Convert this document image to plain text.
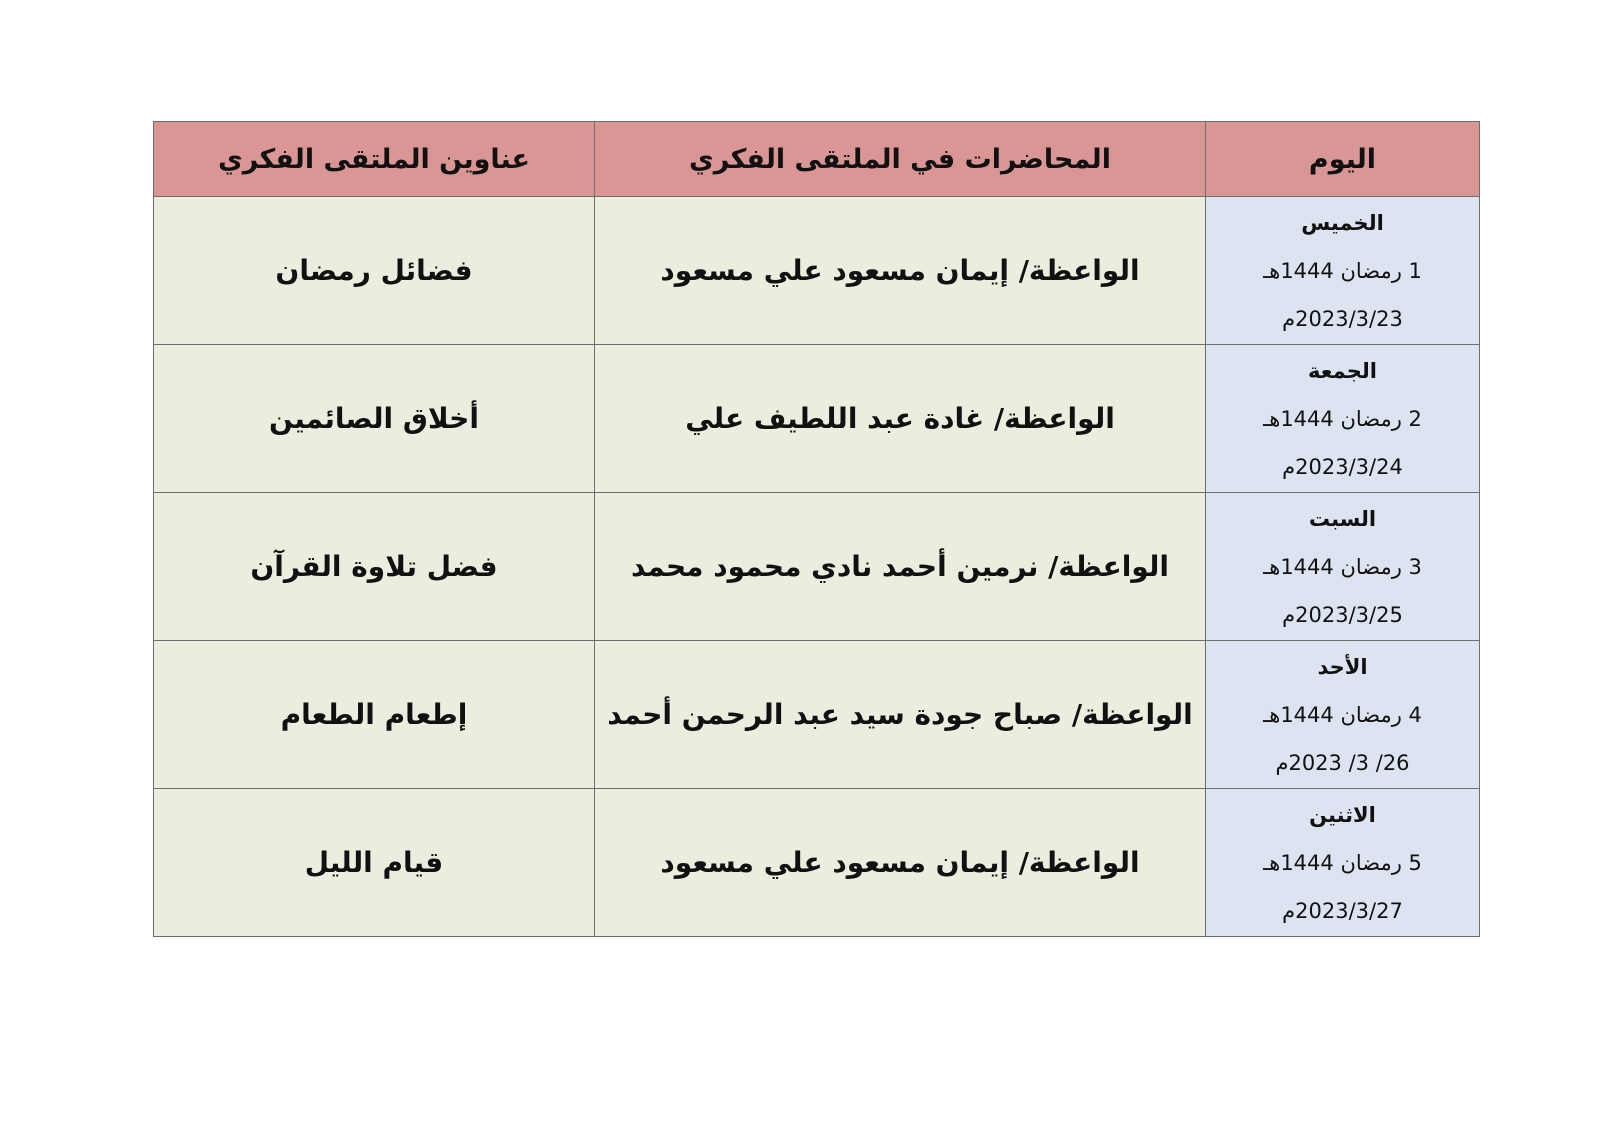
اليوم	المحاضرات في الملتقى الفكري	عناوين الملتقى الفكري

الخميس
1 رمضان 1444هـ
2023/3/23م	الواعظة/ إيمان مسعود علي مسعود	فضائل رمضان

الجمعة
2 رمضان 1444هـ
2023/3/24م	الواعظة/ غادة عبد اللطيف علي	أخلاق الصائمين

السبت
3 رمضان 1444هـ
2023/3/25م	الواعظة/ نرمين أحمد نادي محمود محمد	فضل تلاوة القرآن

الأحد
4 رمضان 1444هـ
26/ 3/ 2023م	الواعظة/ صباح جودة سيد عبد الرحمن أحمد	إطعام الطعام

الاثنين
5 رمضان 1444هـ
2023/3/27م	الواعظة/ إيمان مسعود علي مسعود	قيام الليل
